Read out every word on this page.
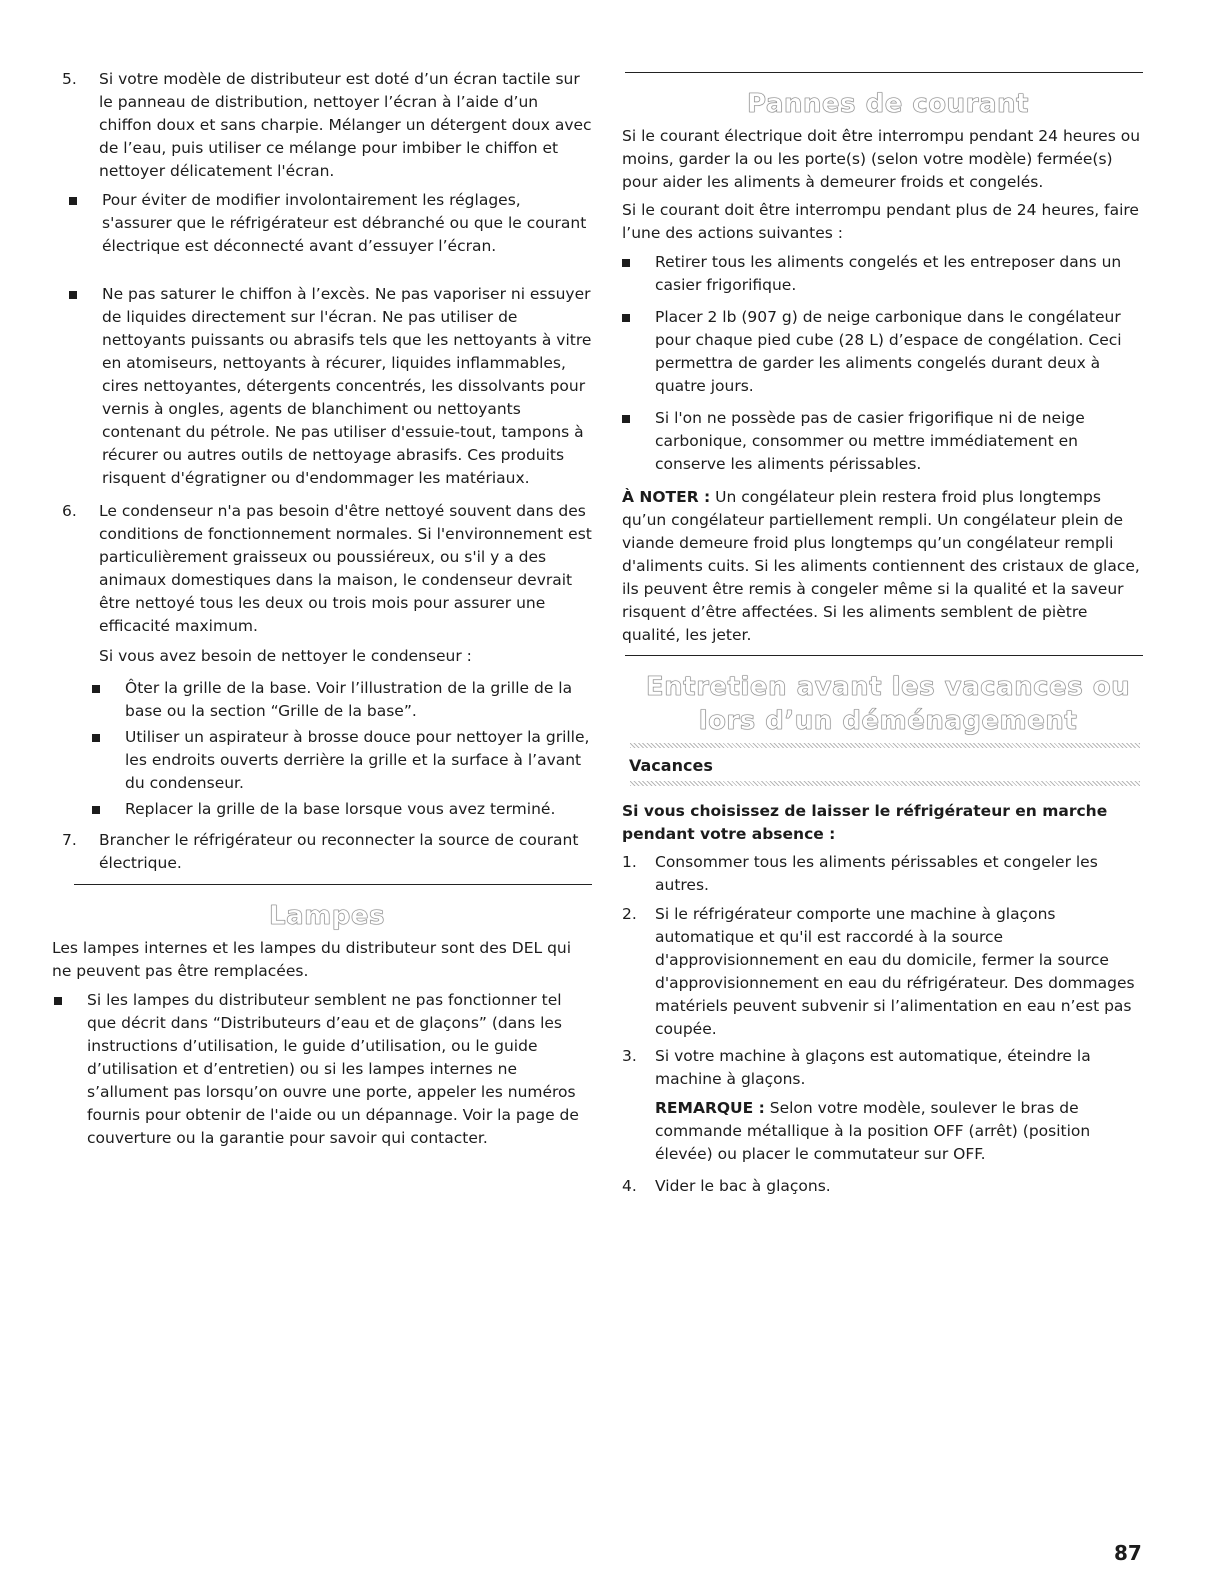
5. Si votre modèle de distributeur est doté d’un écran tactile sur le panneau de distribution, nettoyer l’écran à l’aide d’un chiffon doux et sans charpie. Mélanger un détergent doux avec de l’eau, puis utiliser ce mélange pour imbiber le chiffon et nettoyer délicatement l'écran.
Pour éviter de modifier involontairement les réglages, s'assurer que le réfrigérateur est débranché ou que le courant électrique est déconnecté avant d’essuyer l’écran.
Ne pas saturer le chiffon à l’excès. Ne pas vaporiser ni essuyer de liquides directement sur l'écran. Ne pas utiliser de nettoyants puissants ou abrasifs tels que les nettoyants à vitre en atomiseurs, nettoyants à récurer, liquides inflammables, cires nettoyantes, détergents concentrés, les dissolvants pour vernis à ongles, agents de blanchiment ou nettoyants contenant du pétrole. Ne pas utiliser d'essuie-tout, tampons à récurer ou autres outils de nettoyage abrasifs. Ces produits risquent d'égratigner ou d'endommager les matériaux.
6. Le condenseur n'a pas besoin d'être nettoyé souvent dans des conditions de fonctionnement normales. Si l'environnement est particulièrement graisseux ou poussiéreux, ou s'il y a des animaux domestiques dans la maison, le condenseur devrait être nettoyé tous les deux ou trois mois pour assurer une efficacité maximum.
Si vous avez besoin de nettoyer le condenseur :
Ôter la grille de la base. Voir l’illustration de la grille de la base ou la section “Grille de la base”.
Utiliser un aspirateur à brosse douce pour nettoyer la grille, les endroits ouverts derrière la grille et la surface à l’avant du condenseur.
Replacer la grille de la base lorsque vous avez terminé.
7. Brancher le réfrigérateur ou reconnecter la source de courant électrique.
Lampes
Les lampes internes et les lampes du distributeur sont des DEL qui ne peuvent pas être remplacées.
Si les lampes du distributeur semblent ne pas fonctionner tel que décrit dans “Distributeurs d’eau et de glaçons” (dans les instructions d’utilisation, le guide d’utilisation, ou le guide d’utilisation et d’entretien) ou si les lampes internes ne s’allument pas lorsqu’on ouvre une porte, appeler les numéros fournis pour obtenir de l'aide ou un dépannage. Voir la page de couverture ou la garantie pour savoir qui contacter.
Pannes de courant
Si le courant électrique doit être interrompu pendant 24 heures ou moins, garder la ou les porte(s) (selon votre modèle) fermée(s) pour aider les aliments à demeurer froids et congelés.
Si le courant doit être interrompu pendant plus de 24 heures, faire l’une des actions suivantes :
Retirer tous les aliments congelés et les entreposer dans un casier frigorifique.
Placer 2 lb (907 g) de neige carbonique dans le congélateur pour chaque pied cube (28 L) d’espace de congélation. Ceci permettra de garder les aliments congelés durant deux à quatre jours.
Si l'on ne possède pas de casier frigorifique ni de neige carbonique, consommer ou mettre immédiatement en conserve les aliments périssables.
À NOTER : Un congélateur plein restera froid plus longtemps qu’un congélateur partiellement rempli. Un congélateur plein de viande demeure froid plus longtemps qu’un congélateur rempli d'aliments cuits. Si les aliments contiennent des cristaux de glace, ils peuvent être remis à congeler même si la qualité et la saveur risquent d’être affectées. Si les aliments semblent de piètre qualité, les jeter.
Entretien avant les vacances ou
lors d’un déménagement
Vacances
Si vous choisissez de laisser le réfrigérateur en marche pendant votre absence :
1. Consommer tous les aliments périssables et congeler les autres.
2. Si le réfrigérateur comporte une machine à glaçons automatique et qu'il est raccordé à la source d'approvisionnement en eau du domicile, fermer la source d'approvisionnement en eau du réfrigérateur. Des dommages matériels peuvent subvenir si l’alimentation en eau n’est pas coupée.
3. Si votre machine à glaçons est automatique, éteindre la machine à glaçons.
REMARQUE : Selon votre modèle, soulever le bras de commande métallique à la position OFF (arrêt) (position élevée) ou placer le commutateur sur OFF.
4. Vider le bac à glaçons.
87
